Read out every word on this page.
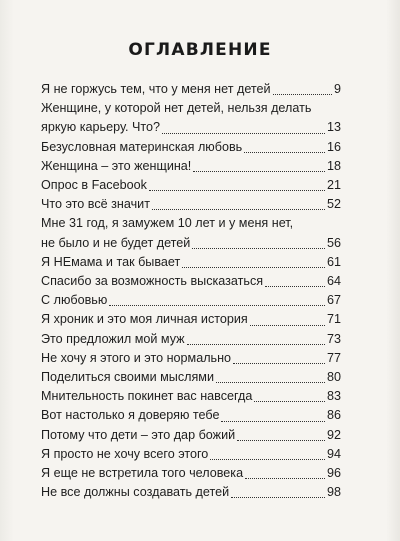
ОГЛАВЛЕНИЕ
Я не горжусь тем, что у меня нет детей	9
Женщине, у которой нет детей, нельзя делать
яркую карьеру. Что?	13
Безусловная материнская любовь	16
Женщина – это женщина!	18
Опрос в Facebook	21
Что это всё значит	52
Мне 31 год, я замужем 10 лет и у меня нет,
не было и не будет детей	56
Я НЕмама и так бывает	61
Спасибо за возможность высказаться	64
С любовью	67
Я хроник и это моя личная история	71
Это предложил мой муж	73
Не хочу я этого и это нормально	77
Поделиться своими мыслями	80
Мнительность покинет вас навсегда	83
Вот настолько я доверяю тебе	86
Потому что дети – это дар божий	92
Я просто не хочу всего этого	94
Я еще не встретила того человека	96
Не все должны создавать детей	98
